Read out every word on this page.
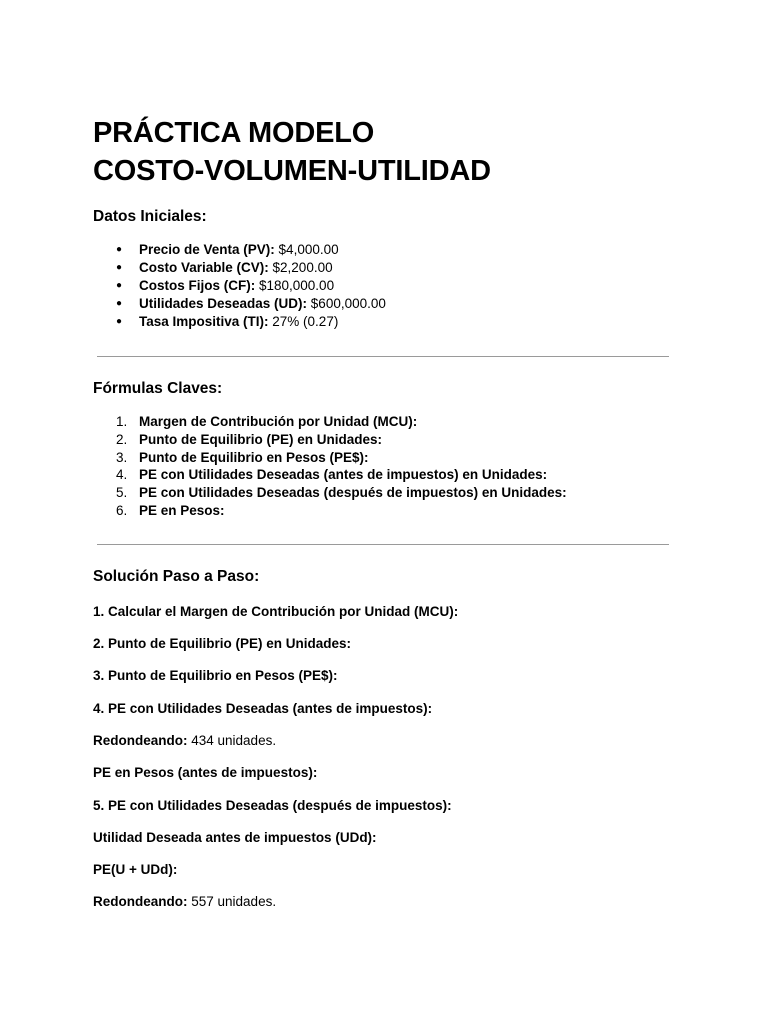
PRÁCTICA MODELO
COSTO-VOLUMEN-UTILIDAD
Datos Iniciales:
● Precio de Venta (PV): $4,000.00
● Costo Variable (CV): $2,200.00
● Costos Fijos (CF): $180,000.00
● Utilidades Deseadas (UD): $600,000.00
● Tasa Impositiva (TI): 27% (0.27)
Fórmulas Claves:
1. Margen de Contribución por Unidad (MCU):
2. Punto de Equilibrio (PE) en Unidades:
3. Punto de Equilibrio en Pesos (PE$):
4. PE con Utilidades Deseadas (antes de impuestos) en Unidades:
5. PE con Utilidades Deseadas (después de impuestos) en Unidades:
6. PE en Pesos:
Solución Paso a Paso:

1. Calcular el Margen de Contribución por Unidad (MCU):

2. Punto de Equilibrio (PE) en Unidades:

3. Punto de Equilibrio en Pesos (PE$):

4. PE con Utilidades Deseadas (antes de impuestos):

Redondeando: 434 unidades.

PE en Pesos (antes de impuestos):

5. PE con Utilidades Deseadas (después de impuestos):

Utilidad Deseada antes de impuestos (UDd):

PE(U + UDd):

Redondeando: 557 unidades.
